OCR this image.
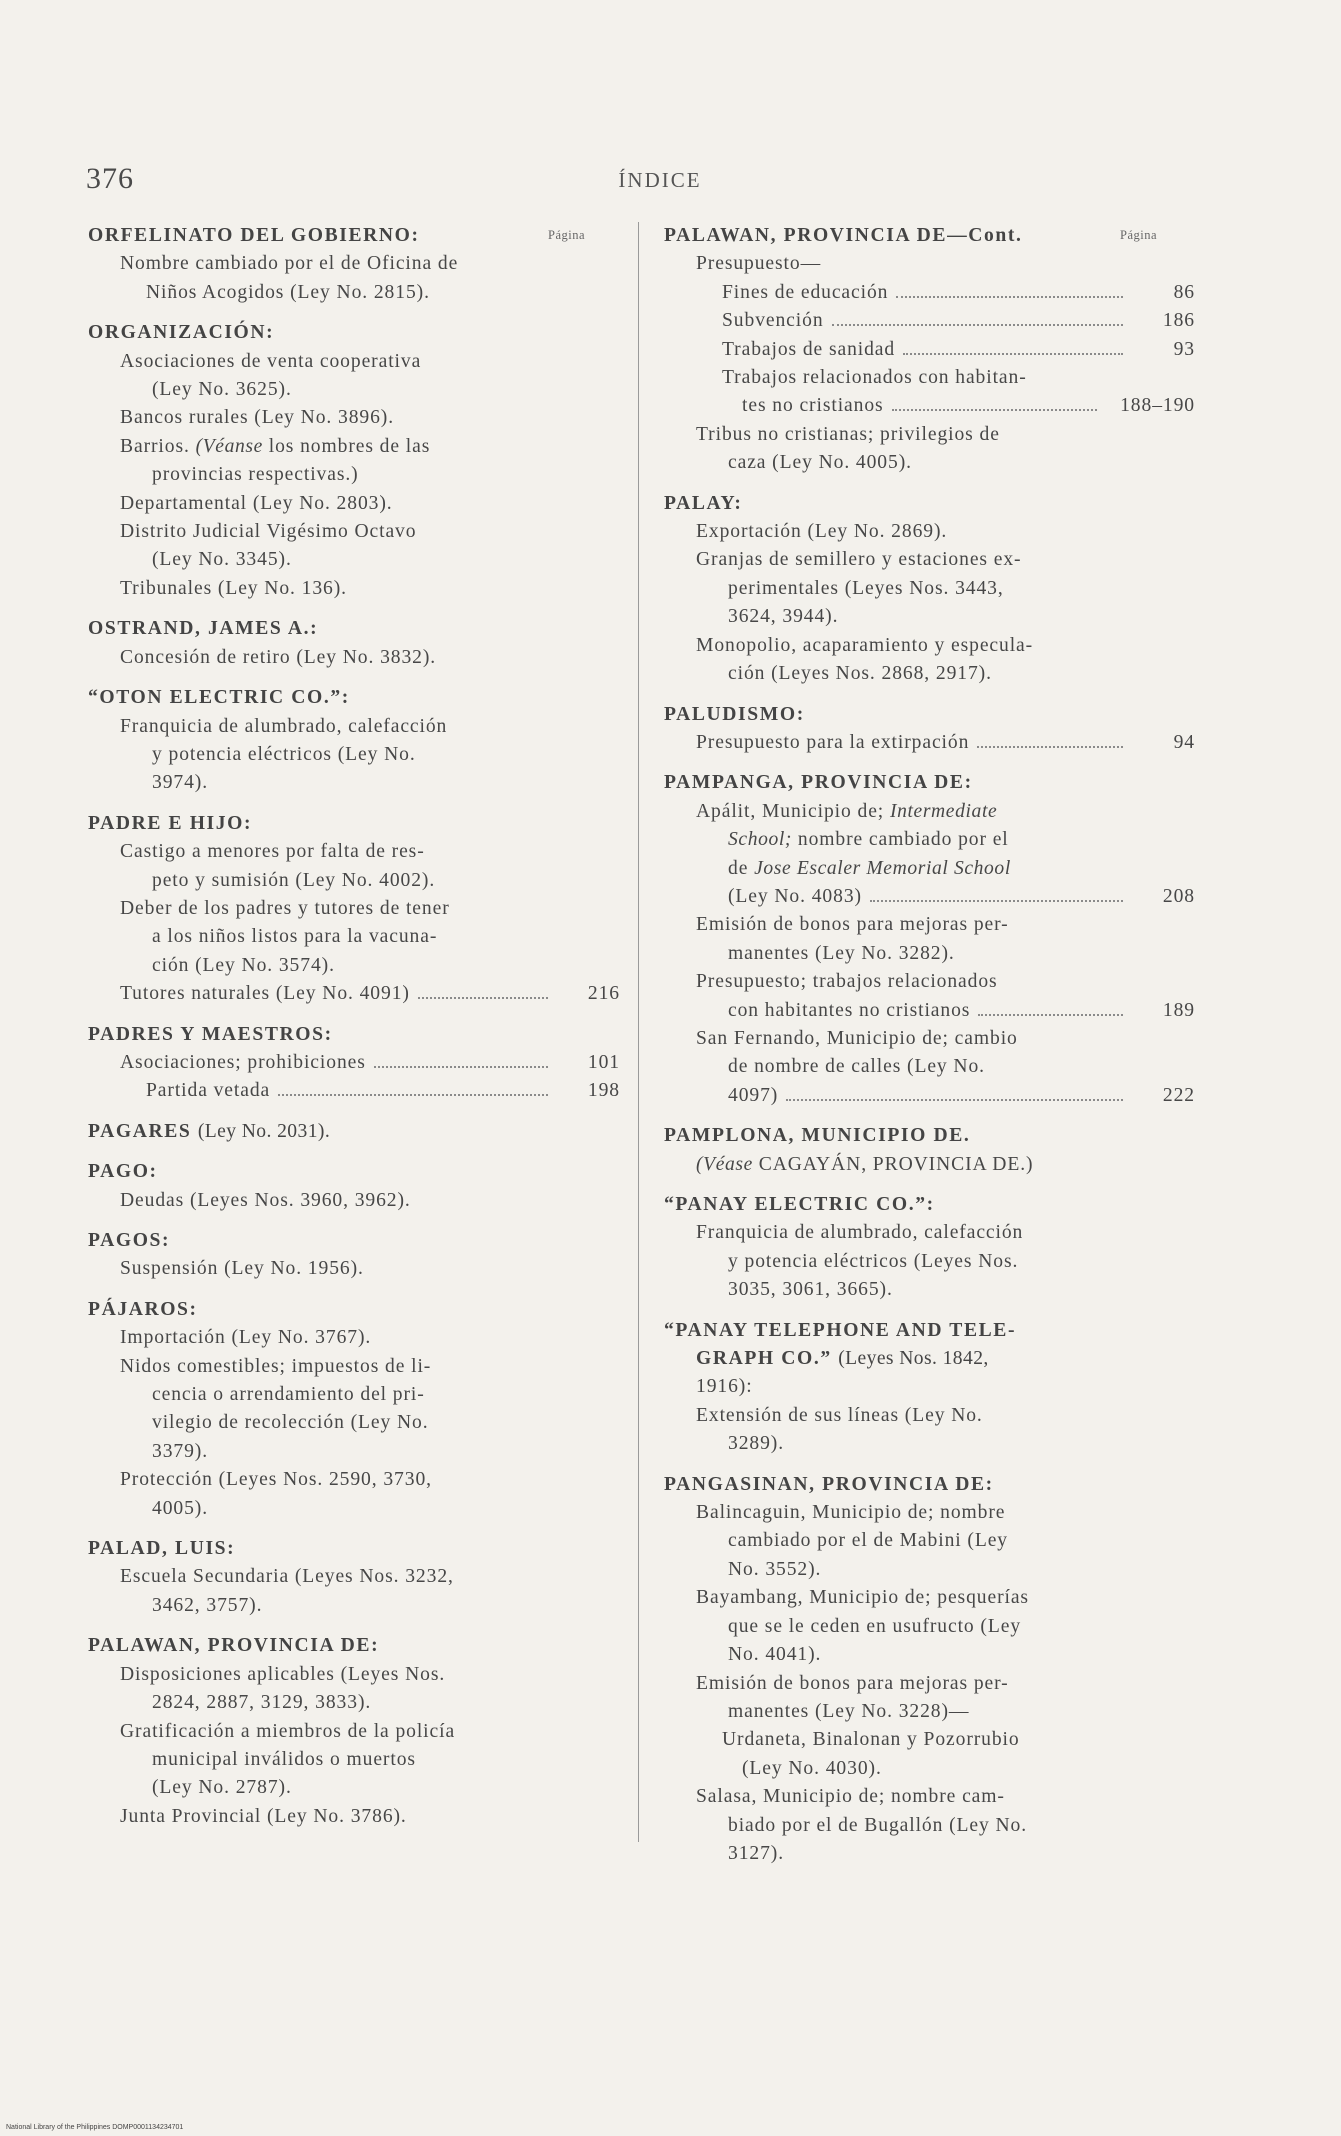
376	ÍNDICE
Página	Página
ORFELINATO DEL GOBIERNO:
Nombre cambiado por el de Oficina de
Niños Acogidos (Ley No. 2815).
ORGANIZACIÓN:
Asociaciones de venta cooperativa
(Ley No. 3625).
Bancos rurales (Ley No. 3896).
Barrios. (Véanse los nombres de las
provincias respectivas.)
Departamental (Ley No. 2803).
Distrito Judicial Vigésimo Octavo
(Ley No. 3345).
Tribunales (Ley No. 136).
OSTRAND, JAMES A.:
Concesión de retiro (Ley No. 3832).
“OTON ELECTRIC CO.”:
Franquicia de alumbrado, calefacción
y potencia eléctricos (Ley No.
3974).
PADRE E HIJO:
Castigo a menores por falta de res-
peto y sumisión (Ley No. 4002).
Deber de los padres y tutores de tener
a los niños listos para la vacuna-
ción (Ley No. 3574).
Tutores naturales (Ley No. 4091)	216
PADRES Y MAESTROS:
Asociaciones; prohibiciones	101
Partida vetada	198
PAGARES (Ley No. 2031).
PAGO:
Deudas (Leyes Nos. 3960, 3962).
PAGOS:
Suspensión (Ley No. 1956).
PÁJAROS:
Importación (Ley No. 3767).
Nidos comestibles; impuestos de li-
cencia o arrendamiento del pri-
vilegio de recolección (Ley No.
3379).
Protección (Leyes Nos. 2590, 3730,
4005).
PALAD, LUIS:
Escuela Secundaria (Leyes Nos. 3232,
3462, 3757).
PALAWAN, PROVINCIA DE:
Disposiciones aplicables (Leyes Nos.
2824, 2887, 3129, 3833).
Gratificación a miembros de la policía
municipal inválidos o muertos
(Ley No. 2787).
Junta Provincial (Ley No. 3786).
PALAWAN, PROVINCIA DE—Cont.
Presupuesto—
Fines de educación	86
Subvención	186
Trabajos de sanidad	93
Trabajos relacionados con habitan-
tes no cristianos	188–190
Tribus no cristianas; privilegios de
caza (Ley No. 4005).
PALAY:
Exportación (Ley No. 2869).
Granjas de semillero y estaciones ex-
perimentales (Leyes Nos. 3443,
3624, 3944).
Monopolio, acaparamiento y especula-
ción (Leyes Nos. 2868, 2917).
PALUDISMO:
Presupuesto para la extirpación	94
PAMPANGA, PROVINCIA DE:
Apálit, Municipio de; Intermediate
School; nombre cambiado por el
de Jose Escaler Memorial School
(Ley No. 4083)	208
Emisión de bonos para mejoras per-
manentes (Ley No. 3282).
Presupuesto; trabajos relacionados
con habitantes no cristianos	189
San Fernando, Municipio de; cambio
de nombre de calles (Ley No.
4097)	222
PAMPLONA, MUNICIPIO DE.
(Véase CAGAYÁN, PROVINCIA DE.)
“PANAY ELECTRIC CO.”:
Franquicia de alumbrado, calefacción
y potencia eléctricos (Leyes Nos.
3035, 3061, 3665).
“PANAY TELEPHONE AND TELE-
GRAPH CO.” (Leyes Nos. 1842,
1916):
Extensión de sus líneas (Ley No.
3289).
PANGASINAN, PROVINCIA DE:
Balincaguin, Municipio de; nombre
cambiado por el de Mabini (Ley
No. 3552).
Bayambang, Municipio de; pesquerías
que se le ceden en usufructo (Ley
No. 4041).
Emisión de bonos para mejoras per-
manentes (Ley No. 3228)—
Urdaneta, Binalonan y Pozorrubio
(Ley No. 4030).
Salasa, Municipio de; nombre cam-
biado por el de Bugallón (Ley No.
3127).
National Library of the Philippines DOMP0001134234701
